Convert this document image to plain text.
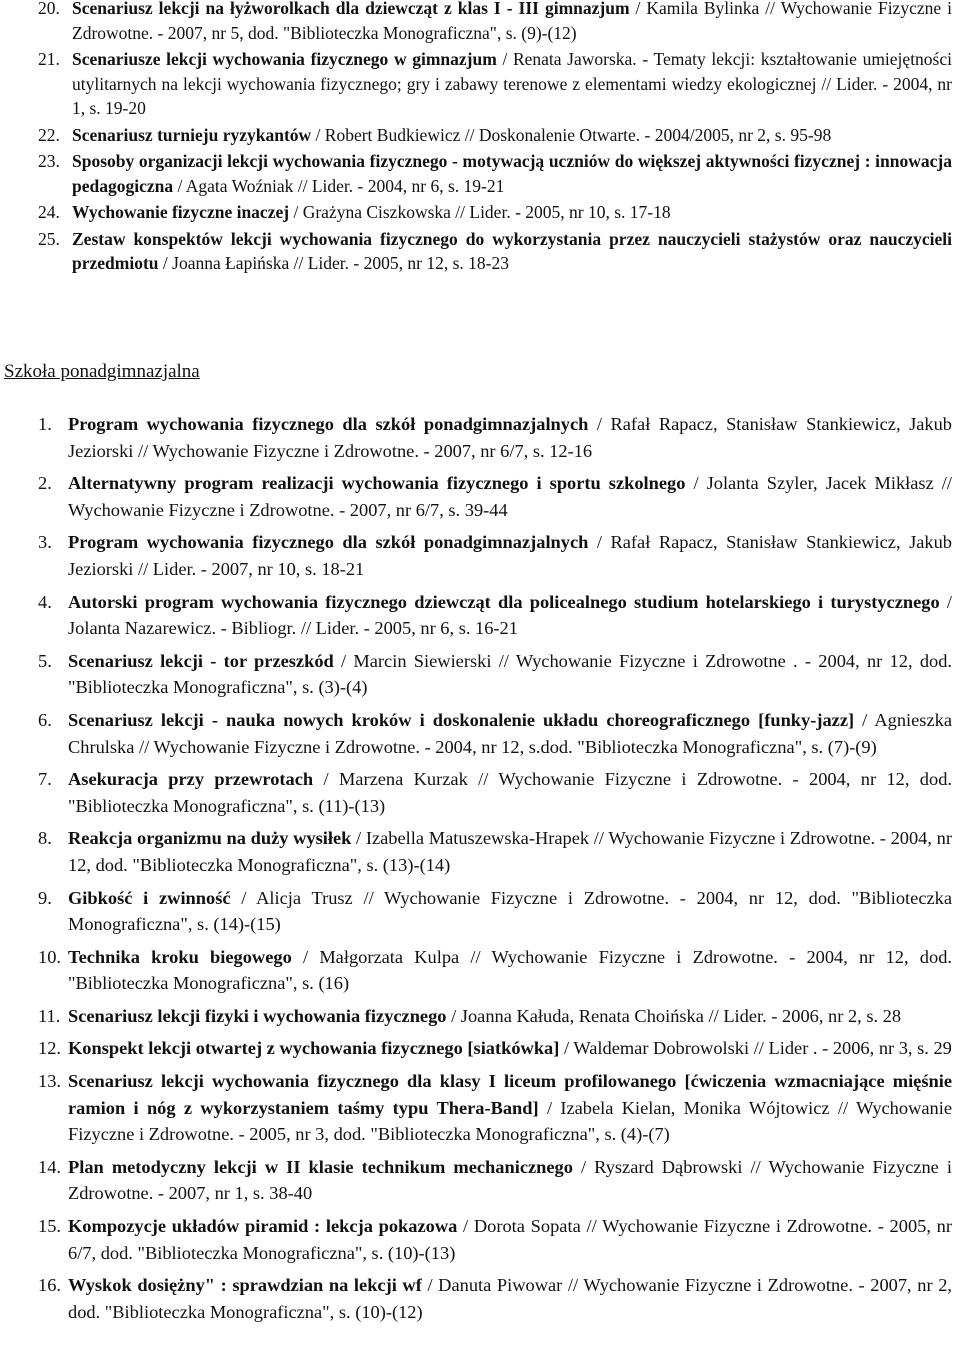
20. Scenariusz lekcji na łyżworolkach dla dziewcząt z klas I - III gimnazjum / Kamila Bylinka // Wychowanie Fizyczne i Zdrowotne. - 2007, nr 5, dod. "Biblioteczka Monograficzna", s. (9)-(12)
21. Scenariusze lekcji wychowania fizycznego w gimnazjum / Renata Jaworska. - Tematy lekcji: kształtowanie umiejętności utylitarnych na lekcji wychowania fizycznego; gry i zabawy terenowe z elementami wiedzy ekologicznej // Lider. - 2004, nr 1, s. 19-20
22. Scenariusz turnieju ryzykantów / Robert Budkiewicz // Doskonalenie Otwarte. - 2004/2005, nr 2, s. 95-98
23. Sposoby organizacji lekcji wychowania fizycznego - motywacją uczniów do większej aktywności fizycznej : innowacja pedagogiczna / Agata Woźniak // Lider. - 2004, nr 6, s. 19-21
24. Wychowanie fizyczne inaczej / Grażyna Ciszkowska // Lider. - 2005, nr 10, s. 17-18
25. Zestaw konspektów lekcji wychowania fizycznego do wykorzystania przez nauczycieli stażystów oraz nauczycieli przedmiotu / Joanna Łapińska // Lider. - 2005, nr 12, s. 18-23
Szkoła ponadgimnazjalna
1. Program wychowania fizycznego dla szkół ponadgimnazjalnych / Rafał Rapacz, Stanisław Stankiewicz, Jakub Jeziorski // Wychowanie Fizyczne i Zdrowotne. - 2007, nr 6/7, s. 12-16
2. Alternatywny program realizacji wychowania fizycznego i sportu szkolnego / Jolanta Szyler, Jacek Mikłasz // Wychowanie Fizyczne i Zdrowotne. - 2007, nr 6/7, s. 39-44
3. Program wychowania fizycznego dla szkół ponadgimnazjalnych / Rafał Rapacz, Stanisław Stankiewicz, Jakub Jeziorski // Lider. - 2007, nr 10, s. 18-21
4. Autorski program wychowania fizycznego dziewcząt dla policealnego studium hotelarskiego i turystycznego / Jolanta Nazarewicz. - Bibliogr. // Lider. - 2005, nr 6, s. 16-21
5. Scenariusz lekcji - tor przeszkód / Marcin Siewierski // Wychowanie Fizyczne i Zdrowotne . - 2004, nr 12, dod. "Biblioteczka Monograficzna", s. (3)-(4)
6. Scenariusz lekcji - nauka nowych kroków i doskonalenie układu choreograficznego [funky-jazz] / Agnieszka Chrulska // Wychowanie Fizyczne i Zdrowotne. - 2004, nr 12, s.dod. "Biblioteczka Monograficzna", s. (7)-(9)
7. Asekuracja przy przewrotach / Marzena Kurzak // Wychowanie Fizyczne i Zdrowotne. - 2004, nr 12, dod. "Biblioteczka Monograficzna", s. (11)-(13)
8. Reakcja organizmu na duży wysiłek / Izabella Matuszewska-Hrapek // Wychowanie Fizyczne i Zdrowotne. - 2004, nr 12, dod. "Biblioteczka Monograficzna", s. (13)-(14)
9. Gibkość i zwinność / Alicja Trusz // Wychowanie Fizyczne i Zdrowotne. - 2004, nr 12, dod. "Biblioteczka Monograficzna", s. (14)-(15)
10. Technika kroku biegowego / Małgorzata Kulpa // Wychowanie Fizyczne i Zdrowotne. - 2004, nr 12, dod. "Biblioteczka Monograficzna", s. (16)
11. Scenariusz lekcji fizyki i wychowania fizycznego / Joanna Kałuda, Renata Choińska // Lider. - 2006, nr 2, s. 28
12. Konspekt lekcji otwartej z wychowania fizycznego [siatkówka] / Waldemar Dobrowolski // Lider . - 2006, nr 3, s. 29
13. Scenariusz lekcji wychowania fizycznego dla klasy I liceum profilowanego [ćwiczenia wzmacniające mięśnie ramion i nóg z wykorzystaniem taśmy typu Thera-Band] / Izabela Kielan, Monika Wójtowicz // Wychowanie Fizyczne i Zdrowotne. - 2005, nr 3, dod. "Biblioteczka Monograficzna", s. (4)-(7)
14. Plan metodyczny lekcji w II klasie technikum mechanicznego / Ryszard Dąbrowski // Wychowanie Fizyczne i Zdrowotne. - 2007, nr 1, s. 38-40
15. Kompozycje układów piramid : lekcja pokazowa / Dorota Sopata // Wychowanie Fizyczne i Zdrowotne. - 2005, nr 6/7, dod. "Biblioteczka Monograficzna", s. (10)-(13)
16. Wyskok dosiężny" : sprawdzian na lekcji wf / Danuta Piwowar // Wychowanie Fizyczne i Zdrowotne. - 2007, nr 2, dod. "Biblioteczka Monograficzna", s. (10)-(12)
